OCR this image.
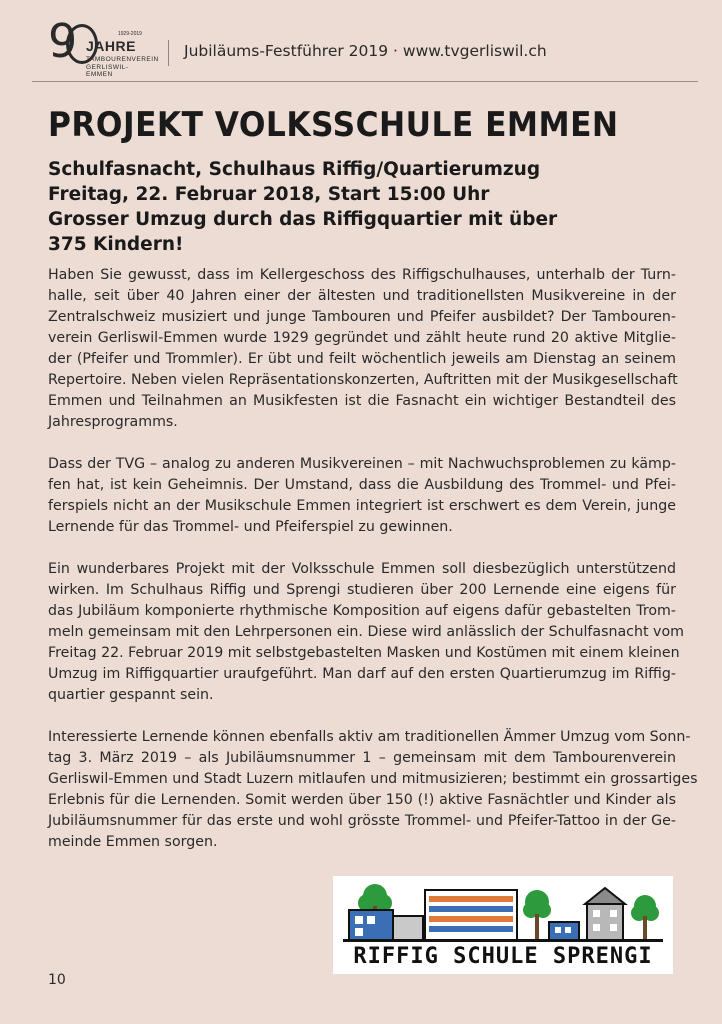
9	1929-2019
JAHRE
TAMBOURENVEREIN
GERLISWIL-EMMEN
Jubiläums-Festführer 2019 · www.tvgerliswil.ch
PROJEKT VOLKSSCHULE EMMEN
Schulfasnacht, Schulhaus Riffig/Quartierumzug
Freitag, 22. Februar 2018, Start 15:00 Uhr
Grosser Umzug durch das Riffigquartier mit über
375 Kindern!
Haben Sie gewusst, dass im Kellergeschoss des Riffigschulhauses, unterhalb der Turn-
halle, seit über 40 Jahren einer der ältesten und traditionellsten Musikvereine in der
Zentralschweiz musiziert und junge Tambouren und Pfeifer ausbildet? Der Tambouren-
verein Gerliswil-Emmen wurde 1929 gegründet und zählt heute rund 20 aktive Mitglie-
der (Pfeifer und Trommler). Er übt und feilt wöchentlich jeweils am Dienstag an seinem
Repertoire. Neben vielen Repräsentationskonzerten, Auftritten mit der Musikgesellschaft
Emmen und Teilnahmen an Musikfesten ist die Fasnacht ein wichtiger Bestandteil des
Jahresprogramms.
Dass der TVG – analog zu anderen Musikvereinen – mit Nachwuchsproblemen zu kämp-
fen hat, ist kein Geheimnis. Der Umstand, dass die Ausbildung des Trommel- und Pfei-
ferspiels nicht an der Musikschule Emmen integriert ist erschwert es dem Verein, junge
Lernende für das Trommel- und Pfeiferspiel zu gewinnen.
Ein wunderbares Projekt mit der Volksschule Emmen soll diesbezüglich unterstützend
wirken. Im Schulhaus Riffig und Sprengi studieren über 200 Lernende eine eigens für
das Jubiläum komponierte rhythmische Komposition auf eigens dafür gebastelten Trom-
meln gemeinsam mit den Lehrpersonen ein. Diese wird anlässlich der Schulfasnacht vom
Freitag 22. Februar 2019 mit selbstgebastelten Masken und Kostümen mit einem kleinen
Umzug im Riffigquartier uraufgeführt. Man darf auf den ersten Quartierumzug im Riffig-
quartier gespannt sein.
Interessierte Lernende können ebenfalls aktiv am traditionellen Ämmer Umzug vom Sonn-
tag 3. März 2019 – als Jubiläumsnummer 1 – gemeinsam mit dem Tambourenverein
Gerliswil-Emmen und Stadt Luzern mitlaufen und mitmusizieren; bestimmt ein grossartiges
Erlebnis für die Lernenden. Somit werden über 150 (!) aktive Fasnächtler und Kinder als
Jubiläumsnummer für das erste und wohl grösste Trommel- und Pfeifer-Tattoo in der Ge-
meinde Emmen sorgen.
RIFFIG SCHULE SPRENGI
10
